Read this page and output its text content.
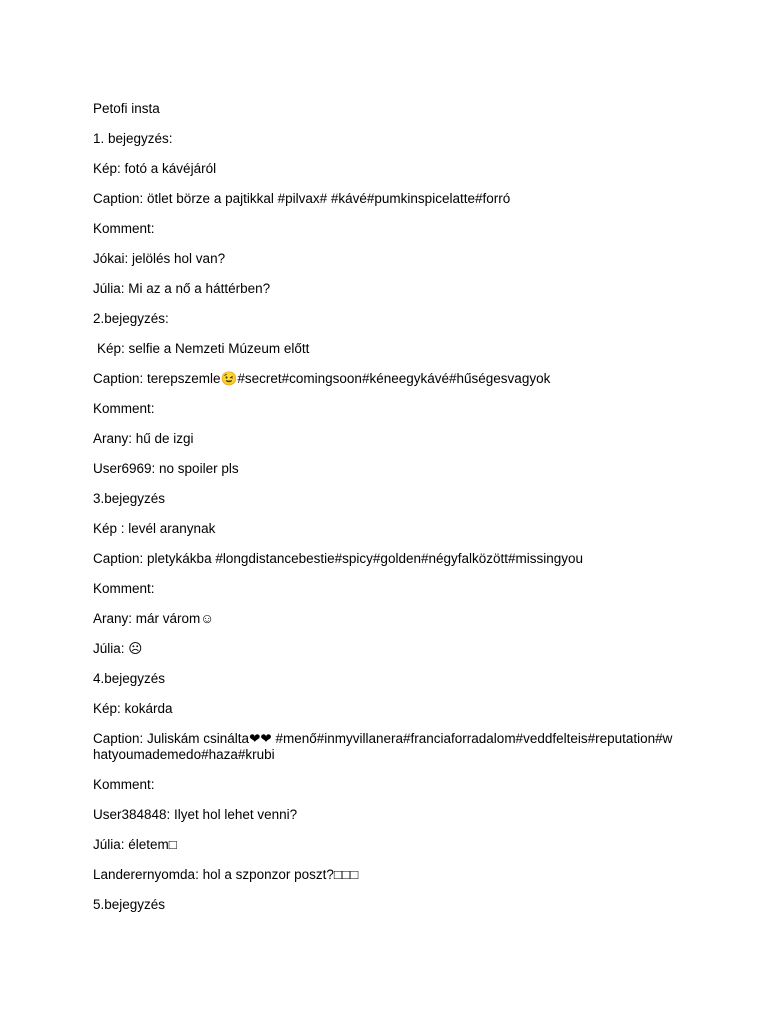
Petofi insta

1. bejegyzés:

Kép: fotó a kávéjáról

Caption: ötlet börze a pajtikkal #pilvax# #kávé#pumkinspicelatte#forró

Komment:

Jókai: jelölés hol van?

Júlia: Mi az a nő a háttérben?

2.bejegyzés:

Kép: selfie a Nemzeti Múzeum előtt

Caption: terepszemle😉#secret#comingsoon#kéneegykávé#hűségesvagyok

Komment:

Arany: hű de izgi

User6969: no spoiler pls

3.bejegyzés

Kép : levél aranynak

Caption: pletykákba #longdistancebestie#spicy#golden#négyfalközött#missingyou

Komment:

Arany: már várom☺

Júlia: ☹

4.bejegyzés

Kép: kokárda

Caption: Juliskám csinálta❤❤ #menő#inmyvillanera#franciaforradalom#veddfelteis#reputation#whatyoumademedo#haza#krubi

Komment:

User384848: Ilyet hol lehet venni?

Júlia: életem□

Landerernyomda: hol a szponzor poszt?□□□

5.bejegyzés
